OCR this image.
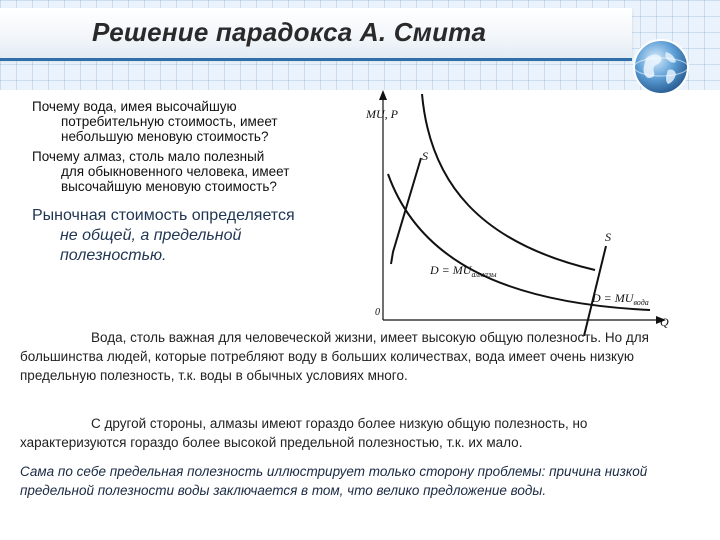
Решение парадокса А. Смита
Почему вода, имея высочайшую
потребительную стоимость, имеет
небольшую меновую стоимость?
Почему алмаз, столь мало полезный
для обыкновенного человека, имеет
высочайшую меновую стоимость?
Рыночная стоимость определяется
не общей, а предельной
полезностью.
MU, P
Q
0
S
S
$D = MU_{алмазы}$
$D = MU_{вода}$
Вода, столь важная для человеческой жизни, имеет высокую общую полезность. Но для большинства людей, которые потребляют воду в больших количествах, вода имеет очень низкую предельную полезность, т.к. воды в обычных условиях много.
С другой стороны, алмазы имеют гораздо более низкую общую полезность, но характеризуются гораздо более высокой предельной полезностью, т.к. их мало.
Сама по себе предельная полезность иллюстрирует только сторону проблемы: причина низкой предельной полезности воды заключается в том, что велико предложение воды.
